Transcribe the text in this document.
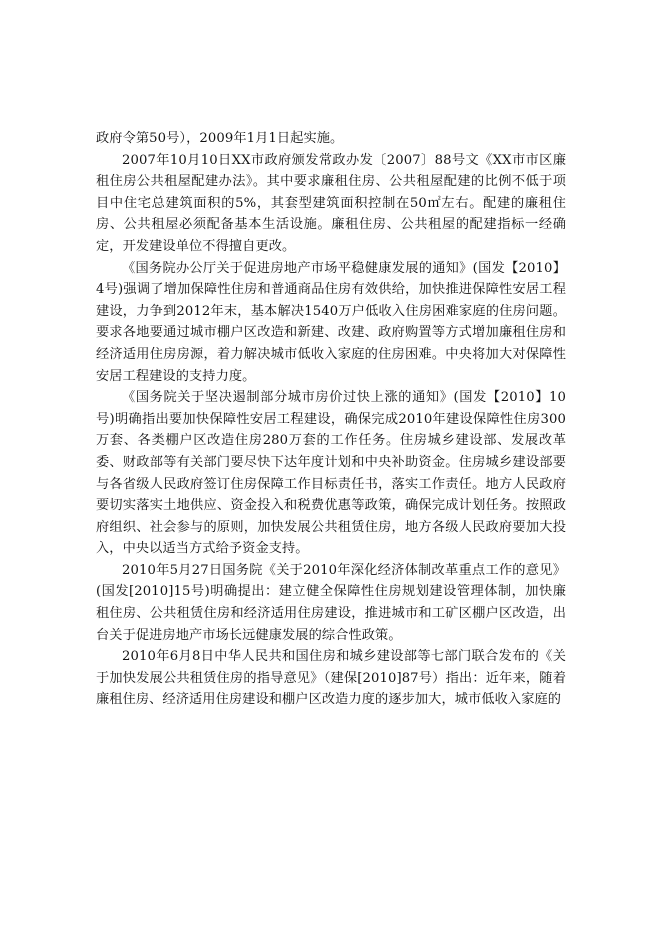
政府令第50号），2009年1月1日起实施。

2007年10月10日XX市政府颁发常政办发〔2007〕88号文《XX市市区廉租住房公共租屋配建办法》。其中要求廉租住房、公共租屋配建的比例不低于项目中住宅总建筑面积的5%，其套型建筑面积控制在50㎡左右。配建的廉租住房、公共租屋必须配备基本生活设施。廉租住房、公共租屋的配建指标一经确定，开发建设单位不得擅自更改。

《国务院办公厅关于促进房地产市场平稳健康发展的通知》(国发【2010】4号)强调了增加保障性住房和普通商品住房有效供给，加快推进保障性安居工程建设，力争到2012年末，基本解决1540万户低收入住房困难家庭的住房问题。要求各地要通过城市棚户区改造和新建、改建、政府购置等方式增加廉租住房和经济适用住房房源，着力解决城市低收入家庭的住房困难。中央将加大对保障性安居工程建设的支持力度。

《国务院关于坚决遏制部分城市房价过快上涨的通知》(国发【2010】10号)明确指出要加快保障性安居工程建设，确保完成2010年建设保障性住房300万套、各类棚户区改造住房280万套的工作任务。住房城乡建设部、发展改革委、财政部等有关部门要尽快下达年度计划和中央补助资金。住房城乡建设部要与各省级人民政府签订住房保障工作目标责任书，落实工作责任。地方人民政府要切实落实土地供应、资金投入和税费优惠等政策，确保完成计划任务。按照政府组织、社会参与的原则，加快发展公共租赁住房，地方各级人民政府要加大投入，中央以适当方式给予资金支持。

2010年5月27日国务院《关于2010年深化经济体制改革重点工作的意见》(国发[2010]15号)明确提出：建立健全保障性住房规划建设管理体制，加快廉租住房、公共租赁住房和经济适用住房建设，推进城市和工矿区棚户区改造，出台关于促进房地产市场长远健康发展的综合性政策。

2010年6月8日中华人民共和国住房和城乡建设部等七部门联合发布的《关于加快发展公共租赁住房的指导意见》（建保[2010]87号）指出：近年来，随着廉租住房、经济适用住房建设和棚户区改造力度的逐步加大，城市低收入家庭的
